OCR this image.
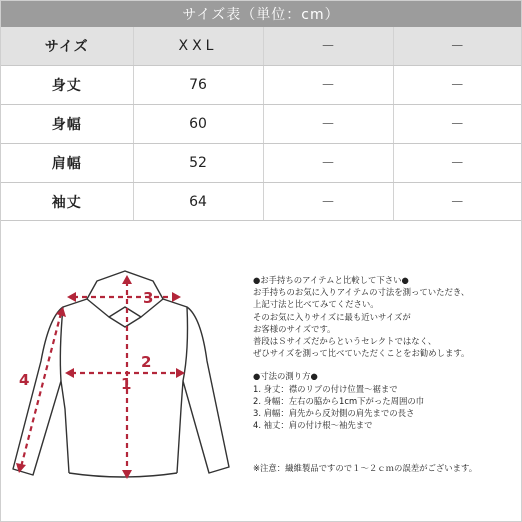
サイズ表（単位：cm）
サイズ	XXL	－	－
身丈	76	－	－
身幅	60	－	－
肩幅	52	－	－
袖丈	64	－	－
1
2
3
4
●お手持ちのアイテムと比較して下さい●
お手持ちのお気に入りアイテムの寸法を測っていただき、
上記寸法と比べてみてください。
そのお気に入りサイズに最も近いサイズが
お客様のサイズです。
普段はＳサイズだからというセレクトではなく、
ぜひサイズを測って比べていただくことをお勧めします。
●寸法の測り方●
1. 身丈：襟のリブの付け位置～裾まで
2. 身幅：左右の脇から1cm下がった周囲の巾
3. 肩幅：肩先から反対側の肩先までの長さ
4. 袖丈：肩の付け根～袖先まで
※注意：繊維製品ですので１～２ｃｍの誤差がございます。
